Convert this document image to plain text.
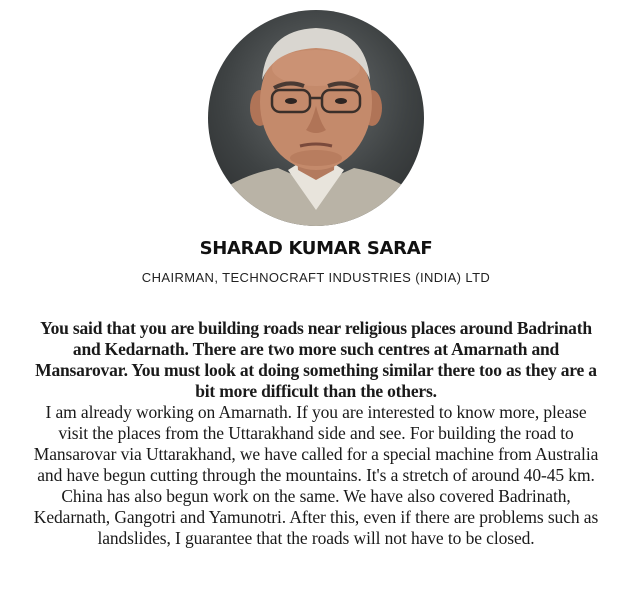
SHARAD KUMAR SARAF
CHAIRMAN, TECHNOCRAFT INDUSTRIES (INDIA) LTD

You said that you are building roads near religious places around Badrinath and Kedarnath. There are two more such centres at Amarnath and Mansarovar. You must look at doing something similar there too as they are a bit more difficult than the others.

I am already working on Amarnath. If you are interested to know more, please visit the places from the Uttarakhand side and see. For building the road to Mansarovar via Uttarakhand, we have called for a special machine from Australia and have begun cutting through the mountains. It's a stretch of around 40-45 km. China has also begun work on the same. We have also covered Badrinath, Kedarnath, Gangotri and Yamunotri. After this, even if there are problems such as landslides, I guarantee that the roads will not have to be closed.
